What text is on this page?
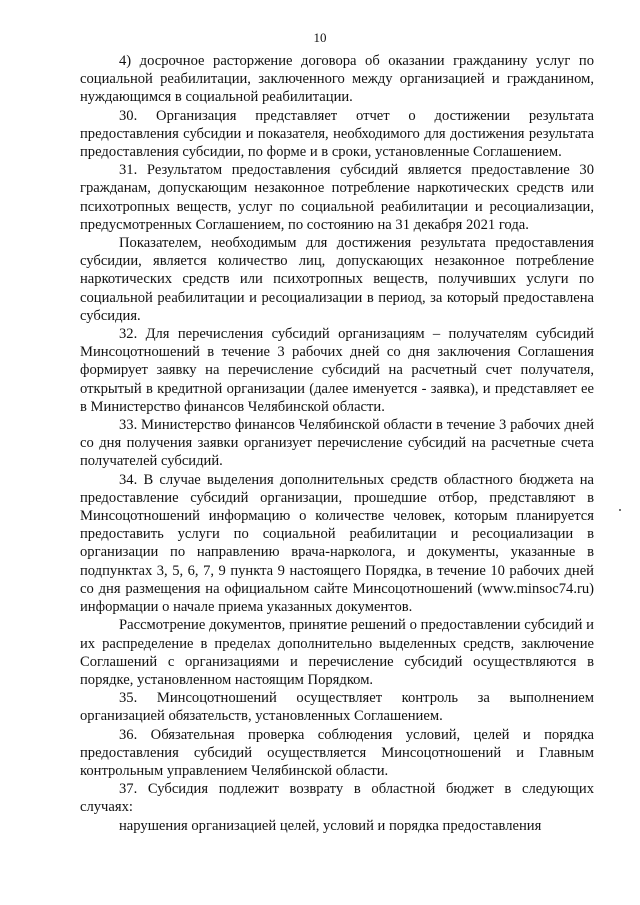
10

4) досрочное расторжение договора об оказании гражданину услуг по социальной реабилитации, заключенного между организацией и гражданином, нуждающимся в социальной реабилитации.

30. Организация представляет отчет о достижении результата предоставления субсидии и показателя, необходимого для достижения результата предоставления субсидии, по форме и в сроки, установленные Соглашением.

31. Результатом предоставления субсидий является предоставление 30 гражданам, допускающим незаконное потребление наркотических средств или психотропных веществ, услуг по социальной реабилитации и ресоциализации, предусмотренных Соглашением, по состоянию на 31 декабря 2021 года.

Показателем, необходимым для достижения результата предоставления субсидии, является количество лиц, допускающих незаконное потребление наркотических средств или психотропных веществ, получивших услуги по социальной реабилитации и ресоциализации в период, за который предоставлена субсидия.

32. Для перечисления субсидий организациям – получателям субсидий Минсоцотношений в течение 3 рабочих дней со дня заключения Соглашения формирует заявку на перечисление субсидий на расчетный счет получателя, открытый в кредитной организации (далее именуется - заявка), и представляет ее в Министерство финансов Челябинской области.

33. Министерство финансов Челябинской области в течение 3 рабочих дней со дня получения заявки организует перечисление субсидий на расчетные счета получателей субсидий.

34. В случае выделения дополнительных средств областного бюджета на предоставление субсидий организации, прошедшие отбор, представляют в Минсоцотношений информацию о количестве человек, которым планируется предоставить услуги по социальной реабилитации и ресоциализации в организации по направлению врача-нарколога, и документы, указанные в подпунктах 3, 5, 6, 7, 9 пункта 9 настоящего Порядка, в течение 10 рабочих дней со дня размещения на официальном сайте Минсоцотношений (www.minsoc74.ru) информации о начале приема указанных документов.

Рассмотрение документов, принятие решений о предоставлении субсидий и их распределение в пределах дополнительно выделенных средств, заключение Соглашений с организациями и перечисление субсидий осуществляются в порядке, установленном настоящим Порядком.

35. Минсоцотношений осуществляет контроль за выполнением организацией обязательств, установленных Соглашением.

36. Обязательная проверка соблюдения условий, целей и порядка предоставления субсидий осуществляется Минсоцотношений и Главным контрольным управлением Челябинской области.

37. Субсидия подлежит возврату в областной бюджет в следующих случаях:

нарушения организацией целей, условий и порядка предоставления
